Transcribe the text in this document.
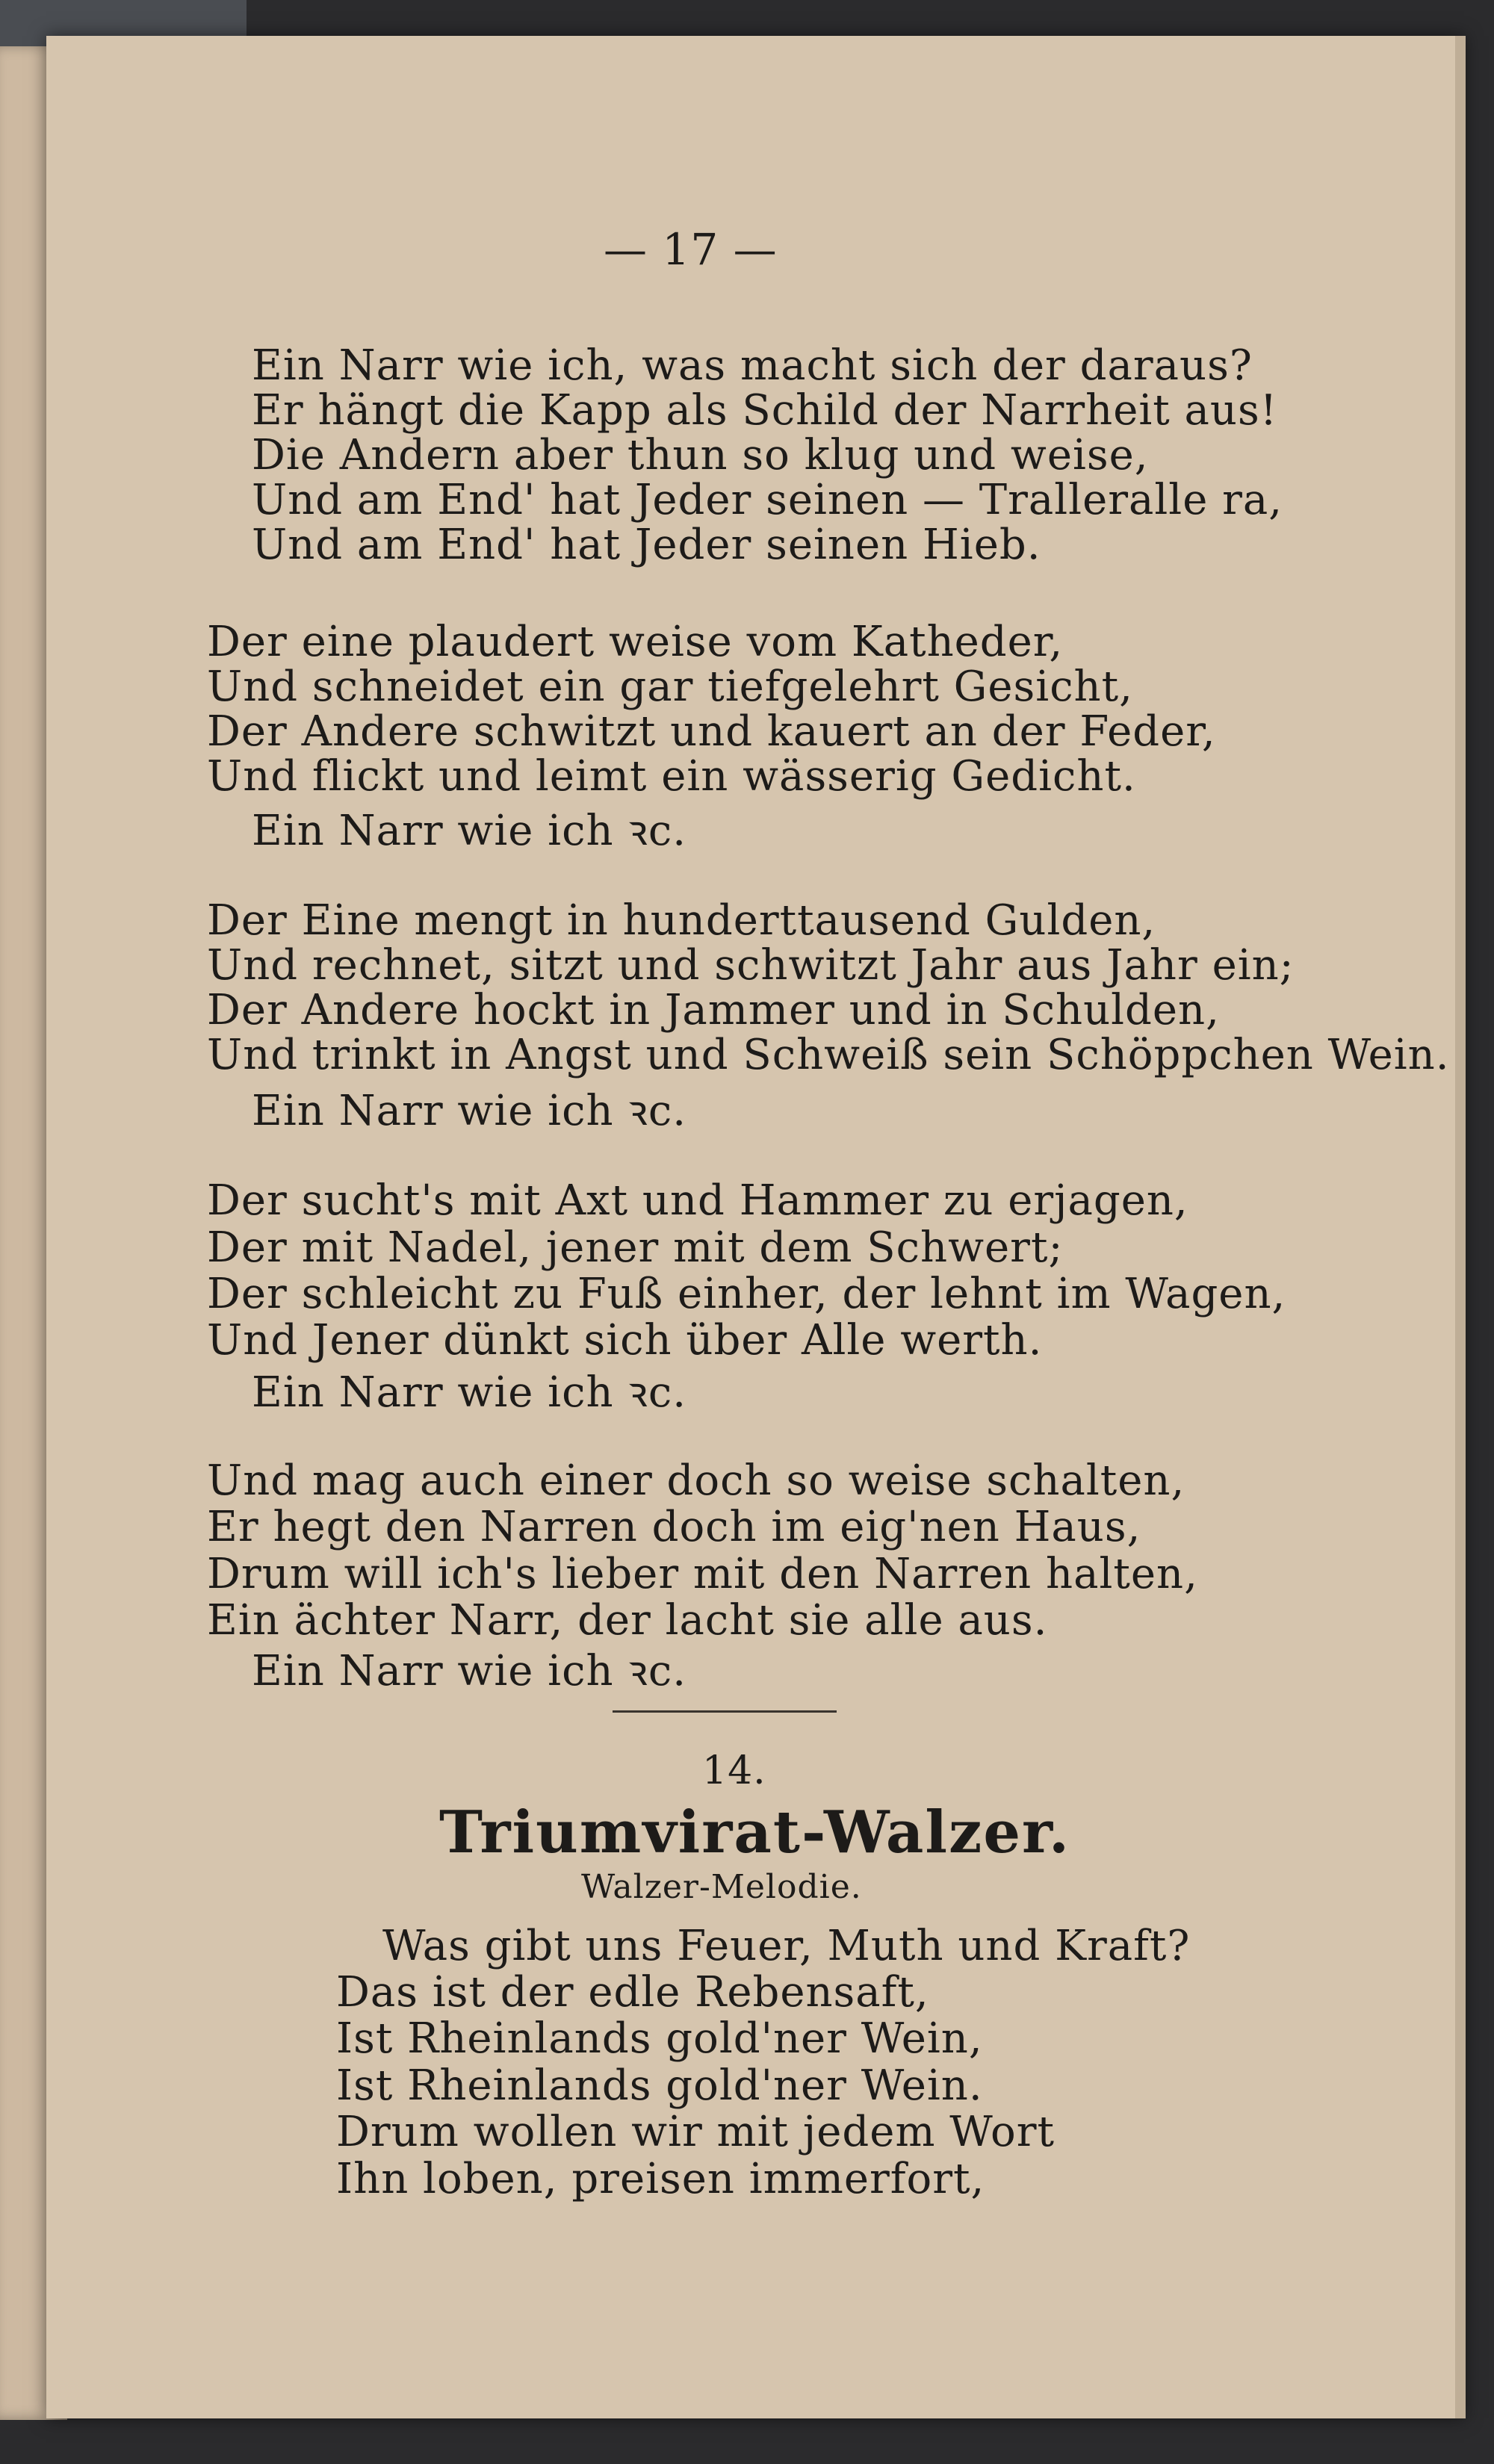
— 17 —
Ein Narr wie ich, was macht sich der daraus?
Er hängt die Kapp als Schild der Narrheit aus!
Die Andern aber thun so klug und weise,
Und am End' hat Jeder seinen — Tralleralle ra,
Und am End' hat Jeder seinen Hieb.
Der eine plaudert weise vom Katheder,
Und schneidet ein gar tiefgelehrt Gesicht,
Der Andere schwitzt und kauert an der Feder,
Und flickt und leimt ein wässerig Gedicht.
Ein Narr wie ich ꝛc.
Der Eine mengt in hunderttausend Gulden,
Und rechnet, sitzt und schwitzt Jahr aus Jahr ein;
Der Andere hockt in Jammer und in Schulden,
Und trinkt in Angst und Schweiß sein Schöppchen Wein.
Ein Narr wie ich ꝛc.
Der sucht's mit Axt und Hammer zu erjagen,
Der mit Nadel, jener mit dem Schwert;
Der schleicht zu Fuß einher, der lehnt im Wagen,
Und Jener dünkt sich über Alle werth.
Ein Narr wie ich ꝛc.
Und mag auch einer doch so weise schalten,
Er hegt den Narren doch im eig'nen Haus,
Drum will ich's lieber mit den Narren halten,
Ein ächter Narr, der lacht sie alle aus.
Ein Narr wie ich ꝛc.
14.
Triumvirat-Walzer.
Walzer-Melodie.
Was gibt uns Feuer, Muth und Kraft?
Das ist der edle Rebensaft,
Ist Rheinlands gold'ner Wein,
Ist Rheinlands gold'ner Wein.
Drum wollen wir mit jedem Wort
Ihn loben, preisen immerfort,
